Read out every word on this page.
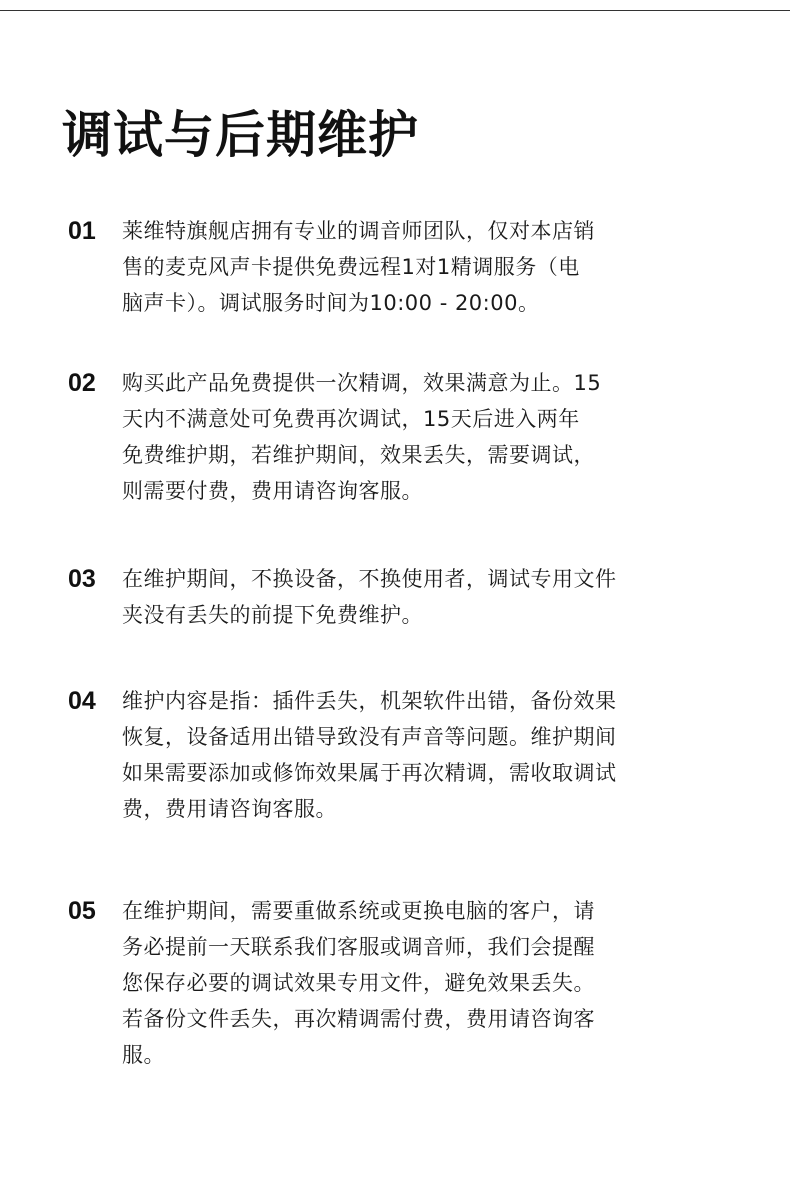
调试与后期维护
01 莱维特旗舰店拥有专业的调音师团队，仅对本店销
售的麦克风声卡提供免费远程1对1精调服务（电
脑声卡）。调试服务时间为10:00 - 20:00。
02 购买此产品免费提供一次精调，效果满意为止。15
天内不满意处可免费再次调试，15天后进入两年
免费维护期，若维护期间，效果丢失，需要调试，
则需要付费，费用请咨询客服。
03 在维护期间，不换设备，不换使用者，调试专用文件
夹没有丢失的前提下免费维护。
04 维护内容是指：插件丢失，机架软件出错，备份效果
恢复，设备适用出错导致没有声音等问题。维护期间
如果需要添加或修饰效果属于再次精调，需收取调试
费，费用请咨询客服。
05 在维护期间，需要重做系统或更换电脑的客户，请
务必提前一天联系我们客服或调音师，我们会提醒
您保存必要的调试效果专用文件，避免效果丢失。
若备份文件丢失，再次精调需付费，费用请咨询客
服。
